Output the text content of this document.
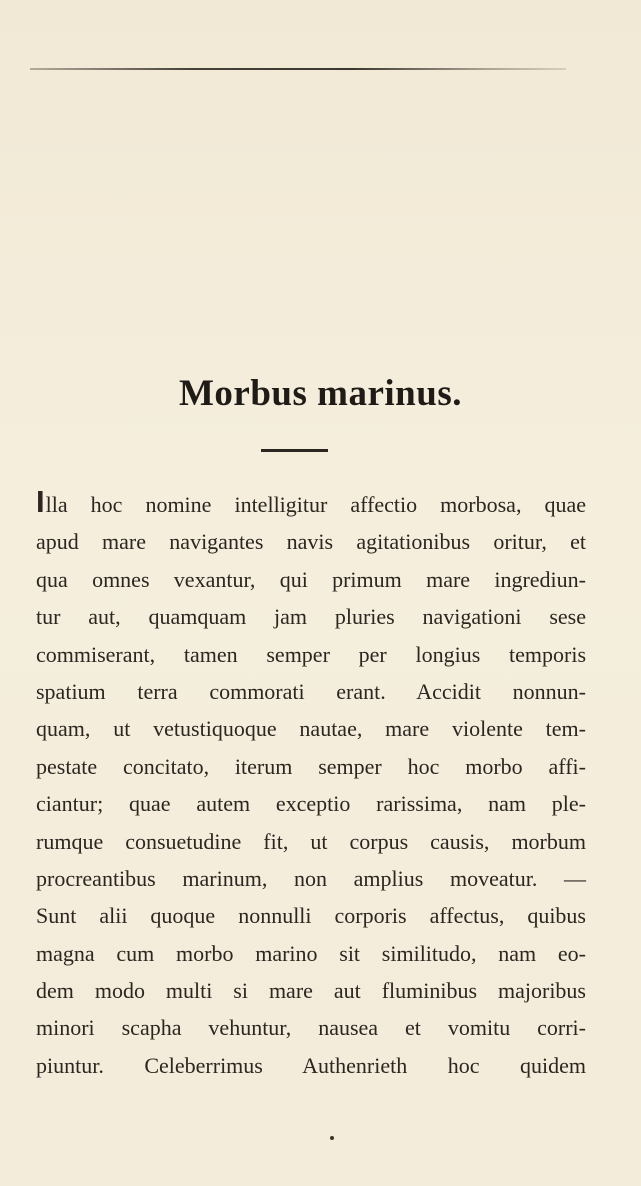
Morbus marinus.
Illa hoc nomine intelligitur affectio morbosa, quae
apud mare navigantes navis agitationibus oritur, et
qua omnes vexantur, qui primum mare ingrediun-
tur aut, quamquam jam pluries navigationi sese
commiserant, tamen semper per longius temporis
spatium terra commorati erant. Accidit nonnun-
quam, ut vetustiquoque nautae, mare violente tem-
pestate concitato, iterum semper hoc morbo affi-
ciantur; quae autem exceptio rarissima, nam ple-
rumque consuetudine fit, ut corpus causis, morbum
procreantibus marinum, non amplius moveatur. —
Sunt alii quoque nonnulli corporis affectus, quibus
magna cum morbo marino sit similitudo, nam eo-
dem modo multi si mare aut fluminibus majoribus
minori scapha vehuntur, nausea et vomitu corri-
piuntur. Celeberrimus Authenrieth hoc quidem
